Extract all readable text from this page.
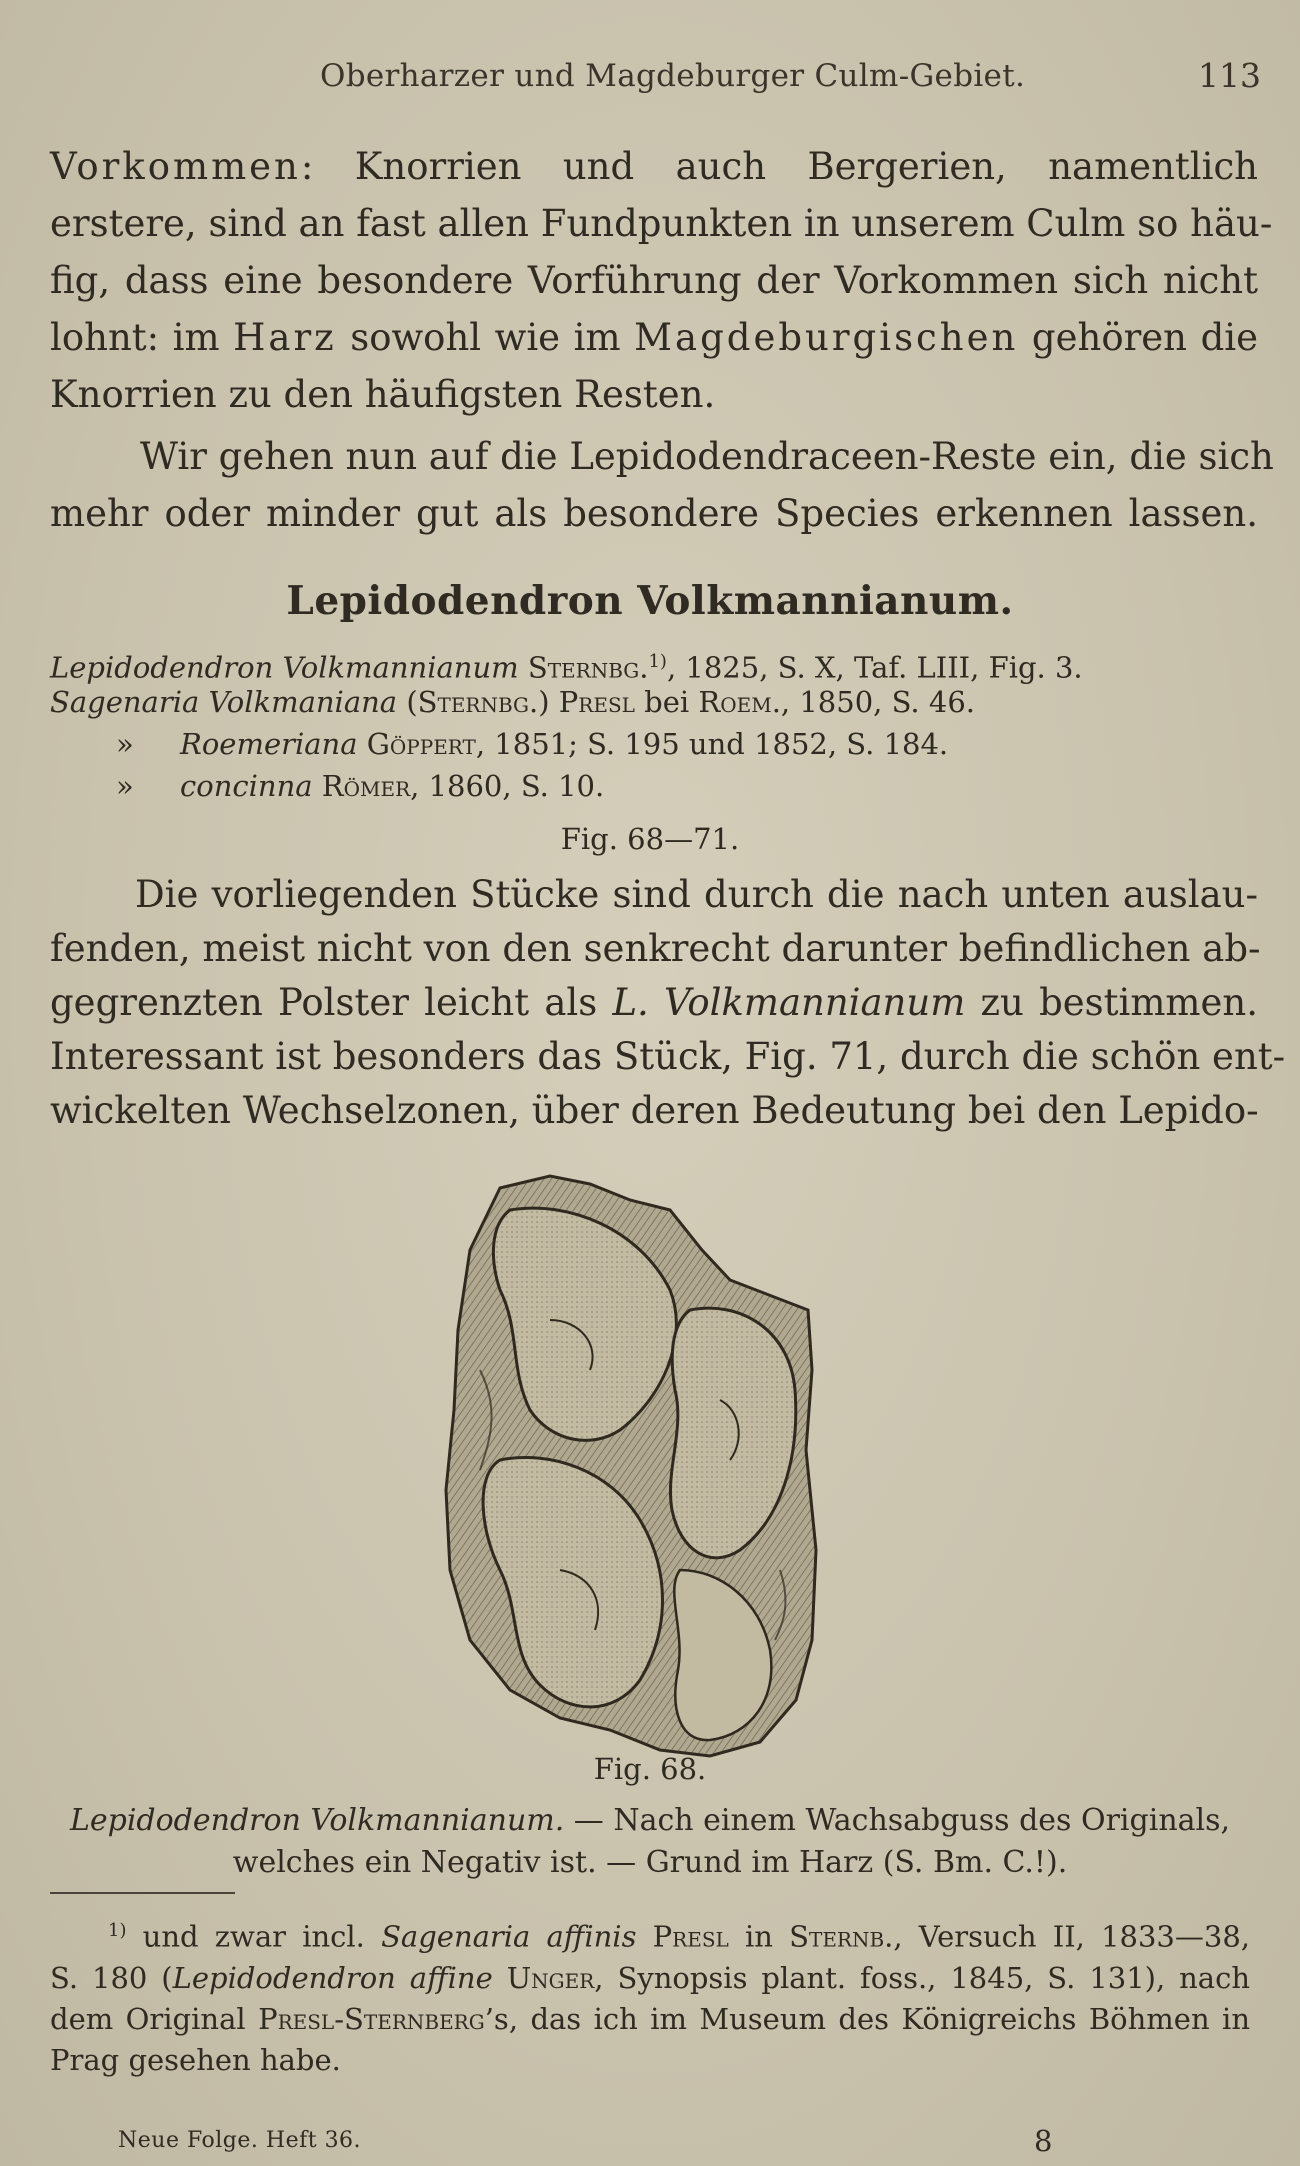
Oberharzer und Magdeburger Culm-Gebiet.	113
Vorkommen: Knorrien und auch Bergerien, namentlich
erstere, sind an fast allen Fundpunkten in unserem Culm so häu-
fig, dass eine besondere Vorführung der Vorkommen sich nicht
lohnt: im Harz sowohl wie im Magdeburgischen gehören die
Knorrien zu den häufigsten Resten.
Wir gehen nun auf die Lepidodendraceen-Reste ein, die sich
mehr oder minder gut als besondere Species erkennen lassen.
Lepidodendron Volkmannianum.
Lepidodendron Volkmannianum Sternbg.$^{1)}$, 1825, S. X, Taf. LIII, Fig. 3.
Sagenaria Volkmaniana (Sternbg.) Presl bei Roem., 1850, S. 46.
» Roemeriana Göppert, 1851; S. 195 und 1852, S. 184.
» concinna Römer, 1860, S. 10.
Fig. 68—71.
Die vorliegenden Stücke sind durch die nach unten auslau-
fenden, meist nicht von den senkrecht darunter befindlichen ab-
gegrenzten Polster leicht als L. Volkmannianum zu bestimmen.
Interessant ist besonders das Stück, Fig. 71, durch die schön ent-
wickelten Wechselzonen, über deren Bedeutung bei den Lepido-
Fig. 68.
Lepidodendron Volkmannianum. — Nach einem Wachsabguss des Originals,
welches ein Negativ ist. — Grund im Harz (S. Bm. C.!).
$^{1)}$ und zwar incl. Sagenaria affinis Presl in Sternb., Versuch II, 1833—38,
S. 180 (Lepidodendron affine Unger, Synopsis plant. foss., 1845, S. 131), nach
dem Original Presl-Sternberg’s, das ich im Museum des Königreichs Böhmen in
Prag gesehen habe.
Neue Folge. Heft 36.	8
